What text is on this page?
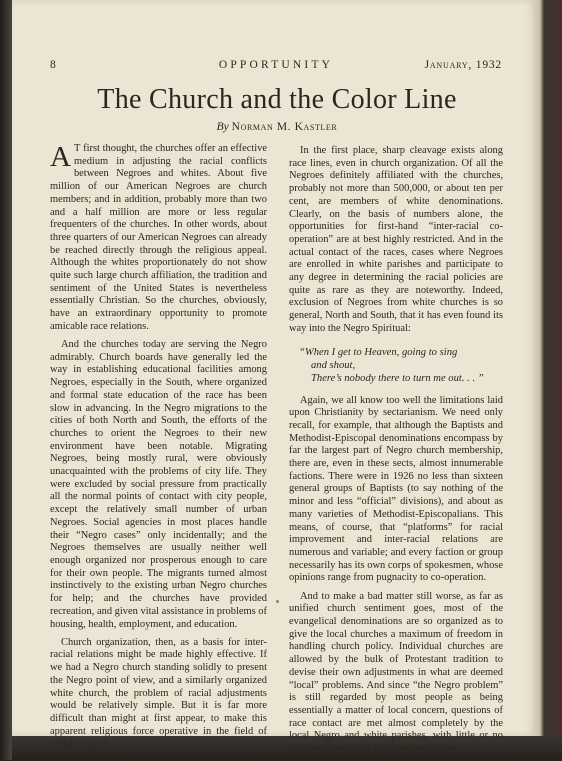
8	OPPORTUNITY	January, 1932
The Church and the Color Line
By Norman M. Kastler

A T first thought, the churches offer an effective medium in adjusting the racial conflicts between Negroes and whites. About five million of our American Negroes are church members; and in addition, probably more than two and a half million are more or less regular frequenters of the churches. In other words, about three quarters of our American Negroes can already be reached directly through the religious appeal. Although the whites proportionately do not show quite such large church affiliation, the tradition and sentiment of the United States is nevertheless essentially Christian. So the churches, obviously, have an extraordinary opportunity to promote amicable race relations.

And the churches today are serving the Negro admirably. Church boards have generally led the way in establishing educational facilities among Negroes, especially in the South, where organized and formal state education of the race has been slow in advancing. In the Negro migrations to the cities of both North and South, the efforts of the churches to orient the Negroes to their new environment have been notable. Migrating Negroes, being mostly rural, were obviously unacquainted with the problems of city life. They were excluded by social pressure from practically all the normal points of contact with city people, except the relatively small number of urban Negroes. Social agencies in most places handle their “Negro cases” only incidentally; and the Negroes themselves are usually neither well enough organized nor prosperous enough to care for their own people. The migrants turned almost instinctively to the existing urban Negro churches for help; and the churches have provided recreation, and given vital assistance in problems of housing, health, employment, and education.

Church organization, then, as a basis for inter-racial relations might be made highly effective. If we had a Negro church standing solidly to present the Negro point of view, and a similarly organized white church, the problem of racial adjustments would be relatively simple. But it is far more difficult than might at first appear, to make this apparent religious force operative in the field of racial contacts.

In the first place, sharp cleavage exists along race lines, even in church organization. Of all the Negroes definitely affiliated with the churches, probably not more than 500,000, or about ten per cent, are members of white denominations. Clearly, on the basis of numbers alone, the opportunities for first-hand “inter-racial co-operation” are at best highly restricted. And in the actual contact of the races, cases where Negroes are enrolled in white parishes and participate to any degree in determining the racial policies are quite as rare as they are noteworthy. Indeed, exclusion of Negroes from white churches is so general, North and South, that it has even found its way into the Negro Spiritual:

“When I get to Heaven, going to sing
and shout,
There’s nobody there to turn me out. . . ”

Again, we all know too well the limitations laid upon Christianity by sectarianism. We need only recall, for example, that although the Baptists and Methodist-Episcopal denominations encompass by far the largest part of Negro church membership, there are, even in these sects, almost innumerable factions. There were in 1926 no less than sixteen general groups of Baptists (to say nothing of the minor and less “official” divisions), and about as many varieties of Methodist-Episcopalians. This means, of course, that “platforms” for racial improvement and inter-racial relations are numerous and variable; and every faction or group necessarily has its own corps of spokesmen, whose opinions range from pugnacity to co-operation.

And to make a bad matter still worse, as far as unified church sentiment goes, most of the evangelical denominations are so organized as to give the local churches a maximum of freedom in handling church policy. Individual churches are allowed by the bulk of Protestant tradition to devise their own adjustments in what are deemed “local” problems. And since “the Negro problem” is still regarded by most people as being essentially a matter of local concern, questions of race contact are met almost completely by the local Negro and white parishes, with little or no guidance from their larger organizations.
